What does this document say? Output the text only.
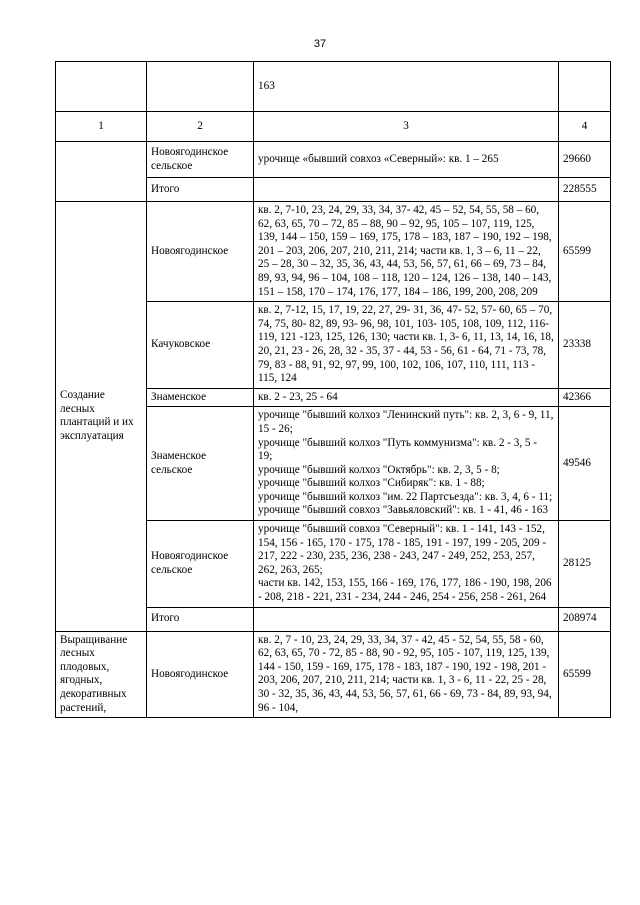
37
		163	
1	2	3	4
	Новоягодинское сельское	урочище «бывший совхоз «Северный»: кв. 1 – 265	29660
	Итого		228555
Создание лесных плантаций и их эксплуатация	Новоягодинское	кв. 2, 7-10, 23, 24, 29, 33, 34, 37- 42, 45 – 52, 54, 55, 58 – 60, 62, 63, 65, 70 – 72, 85 – 88, 90 – 92, 95, 105 – 107, 119, 125, 139, 144 – 150, 159 – 169, 175, 178 – 183, 187 – 190, 192 – 198, 201 – 203, 206, 207, 210, 211, 214; части кв. 1, 3 – 6, 11 – 22, 25 – 28, 30 – 32, 35, 36, 43, 44, 53, 56, 57, 61, 66 – 69, 73 – 84, 89, 93, 94, 96 – 104, 108 – 118, 120 – 124, 126 – 138, 140 – 143, 151 – 158, 170 – 174, 176, 177, 184 – 186, 199, 200, 208, 209	65599
	Качуковское	кв. 2, 7-12, 15, 17, 19, 22, 27, 29- 31, 36, 47- 52, 57- 60, 65 – 70, 74, 75, 80- 82, 89, 93- 96, 98, 101, 103- 105, 108, 109, 112, 116- 119, 121 -123, 125, 126, 130; части кв. 1, 3- 6, 11, 13, 14, 16, 18, 20, 21, 23 - 26, 28, 32 - 35, 37 - 44, 53 - 56, 61 - 64, 71 - 73, 78, 79, 83 - 88, 91, 92, 97, 99, 100, 102, 106, 107, 110, 111, 113 - 115, 124	23338
	Знаменское	кв. 2 - 23, 25 - 64	42366
	Знаменское сельское	урочище "бывший колхоз "Ленинский путь": кв. 2, 3, 6 - 9, 11, 15 - 26;
урочище "бывший колхоз "Путь коммунизма": кв. 2 - 3, 5 - 19;
урочище "бывший колхоз "Октябрь": кв. 2, 3, 5 - 8;
урочище "бывший колхоз "Сибиряк": кв. 1 - 88;
урочище "бывший колхоз "им. 22 Партсъезда": кв. 3, 4, 6 - 11; урочище "бывший совхоз "Завьяловский": кв. 1 - 41, 46 - 163	49546
	Новоягодинское сельское	урочище "бывший совхоз "Северный": кв. 1 - 141, 143 - 152, 154, 156 - 165, 170 - 175, 178 - 185, 191 - 197, 199 - 205, 209 - 217, 222 - 230, 235, 236, 238 - 243, 247 - 249, 252, 253, 257, 262, 263, 265;
части кв. 142, 153, 155, 166 - 169, 176, 177, 186 - 190, 198, 206 - 208, 218 - 221, 231 - 234, 244 - 246, 254 - 256, 258 - 261, 264	28125
	Итого		208974
Выращивание лесных плодовых, ягодных, декоративных растений,	Новоягодинское	кв. 2, 7 - 10, 23, 24, 29, 33, 34, 37 - 42, 45 - 52, 54, 55, 58 - 60, 62, 63, 65, 70 - 72, 85 - 88, 90 - 92, 95, 105 - 107, 119, 125, 139, 144 - 150, 159 - 169, 175, 178 - 183, 187 - 190, 192 - 198, 201 - 203, 206, 207, 210, 211, 214; части кв. 1, 3 - 6, 11 - 22, 25 - 28, 30 - 32, 35, 36, 43, 44, 53, 56, 57, 61, 66 - 69, 73 - 84, 89, 93, 94, 96 - 104,	65599
